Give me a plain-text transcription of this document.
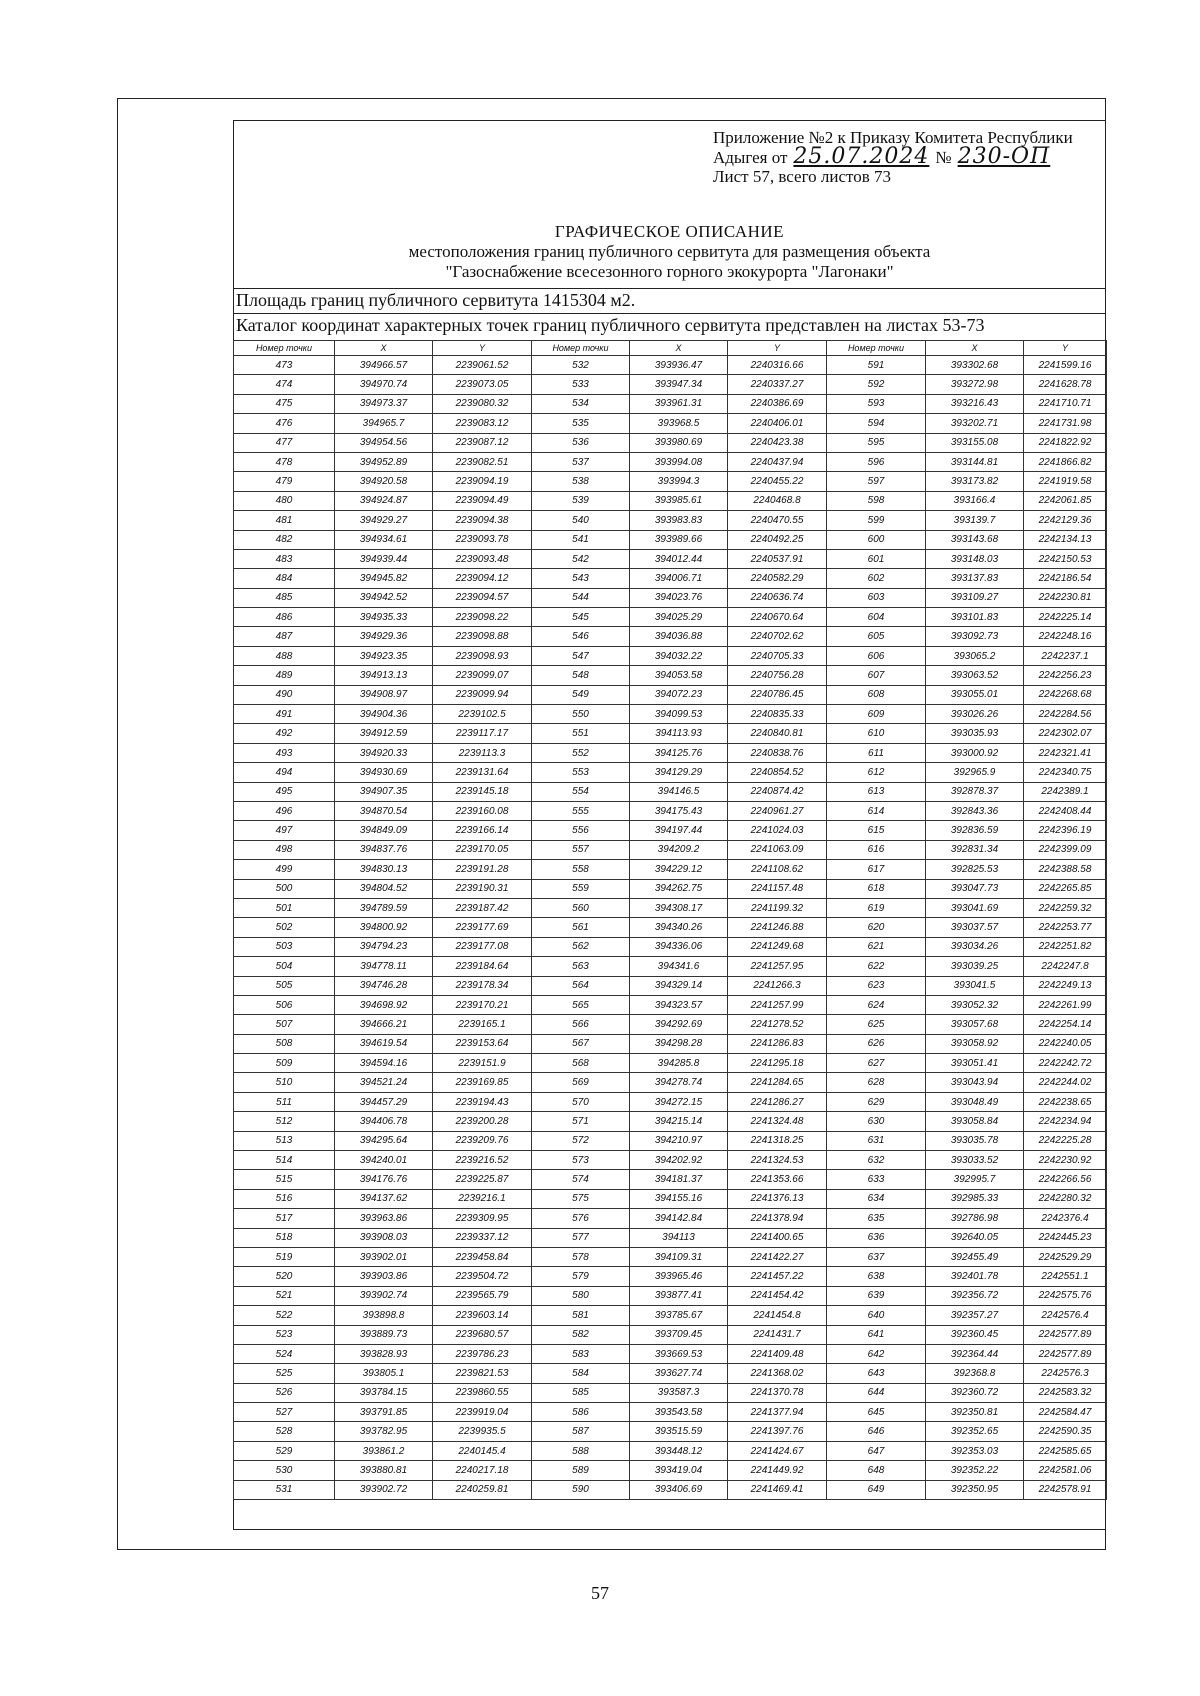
Приложение №2 к Приказу Комитета Республики
Адыгея от 25.07.2024 № 230-ОП
Лист 57, всего листов 73
ГРАФИЧЕСКОЕ ОПИСАНИЕ
местоположения границ публичного сервитута для размещения объекта
"Газоснабжение всесезонного горного экокурорта "Лагонаки"
Площадь границ публичного сервитута 1415304 м2.
Каталог координат характерных точек границ публичного сервитута представлен на листах 53-73
Номер точки	X	Y	Номер точки	X	Y	Номер точки	X	Y
473	394966.57	2239061.52	532	393936.47	2240316.66	591	393302.68	2241599.16
474	394970.74	2239073.05	533	393947.34	2240337.27	592	393272.98	2241628.78
475	394973.37	2239080.32	534	393961.31	2240386.69	593	393216.43	2241710.71
476	394965.7	2239083.12	535	393968.5	2240406.01	594	393202.71	2241731.98
477	394954.56	2239087.12	536	393980.69	2240423.38	595	393155.08	2241822.92
478	394952.89	2239082.51	537	393994.08	2240437.94	596	393144.81	2241866.82
479	394920.58	2239094.19	538	393994.3	2240455.22	597	393173.82	2241919.58
480	394924.87	2239094.49	539	393985.61	2240468.8	598	393166.4	2242061.85
481	394929.27	2239094.38	540	393983.83	2240470.55	599	393139.7	2242129.36
482	394934.61	2239093.78	541	393989.66	2240492.25	600	393143.68	2242134.13
483	394939.44	2239093.48	542	394012.44	2240537.91	601	393148.03	2242150.53
484	394945.82	2239094.12	543	394006.71	2240582.29	602	393137.83	2242186.54
485	394942.52	2239094.57	544	394023.76	2240636.74	603	393109.27	2242230.81
486	394935.33	2239098.22	545	394025.29	2240670.64	604	393101.83	2242225.14
487	394929.36	2239098.88	546	394036.88	2240702.62	605	393092.73	2242248.16
488	394923.35	2239098.93	547	394032.22	2240705.33	606	393065.2	2242237.1
489	394913.13	2239099.07	548	394053.58	2240756.28	607	393063.52	2242256.23
490	394908.97	2239099.94	549	394072.23	2240786.45	608	393055.01	2242268.68
491	394904.36	2239102.5	550	394099.53	2240835.33	609	393026.26	2242284.56
492	394912.59	2239117.17	551	394113.93	2240840.81	610	393035.93	2242302.07
493	394920.33	2239113.3	552	394125.76	2240838.76	611	393000.92	2242321.41
494	394930.69	2239131.64	553	394129.29	2240854.52	612	392965.9	2242340.75
495	394907.35	2239145.18	554	394146.5	2240874.42	613	392878.37	2242389.1
496	394870.54	2239160.08	555	394175.43	2240961.27	614	392843.36	2242408.44
497	394849.09	2239166.14	556	394197.44	2241024.03	615	392836.59	2242396.19
498	394837.76	2239170.05	557	394209.2	2241063.09	616	392831.34	2242399.09
499	394830.13	2239191.28	558	394229.12	2241108.62	617	392825.53	2242388.58
500	394804.52	2239190.31	559	394262.75	2241157.48	618	393047.73	2242265.85
501	394789.59	2239187.42	560	394308.17	2241199.32	619	393041.69	2242259.32
502	394800.92	2239177.69	561	394340.26	2241246.88	620	393037.57	2242253.77
503	394794.23	2239177.08	562	394336.06	2241249.68	621	393034.26	2242251.82
504	394778.11	2239184.64	563	394341.6	2241257.95	622	393039.25	2242247.8
505	394746.28	2239178.34	564	394329.14	2241266.3	623	393041.5	2242249.13
506	394698.92	2239170.21	565	394323.57	2241257.99	624	393052.32	2242261.99
507	394666.21	2239165.1	566	394292.69	2241278.52	625	393057.68	2242254.14
508	394619.54	2239153.64	567	394298.28	2241286.83	626	393058.92	2242240.05
509	394594.16	2239151.9	568	394285.8	2241295.18	627	393051.41	2242242.72
510	394521.24	2239169.85	569	394278.74	2241284.65	628	393043.94	2242244.02
511	394457.29	2239194.43	570	394272.15	2241286.27	629	393048.49	2242238.65
512	394406.78	2239200.28	571	394215.14	2241324.48	630	393058.84	2242234.94
513	394295.64	2239209.76	572	394210.97	2241318.25	631	393035.78	2242225.28
514	394240.01	2239216.52	573	394202.92	2241324.53	632	393033.52	2242230.92
515	394176.76	2239225.87	574	394181.37	2241353.66	633	392995.7	2242266.56
516	394137.62	2239216.1	575	394155.16	2241376.13	634	392985.33	2242280.32
517	393963.86	2239309.95	576	394142.84	2241378.94	635	392786.98	2242376.4
518	393908.03	2239337.12	577	394113	2241400.65	636	392640.05	2242445.23
519	393902.01	2239458.84	578	394109.31	2241422.27	637	392455.49	2242529.29
520	393903.86	2239504.72	579	393965.46	2241457.22	638	392401.78	2242551.1
521	393902.74	2239565.79	580	393877.41	2241454.42	639	392356.72	2242575.76
522	393898.8	2239603.14	581	393785.67	2241454.8	640	392357.27	2242576.4
523	393889.73	2239680.57	582	393709.45	2241431.7	641	392360.45	2242577.89
524	393828.93	2239786.23	583	393669.53	2241409.48	642	392364.44	2242577.89
525	393805.1	2239821.53	584	393627.74	2241368.02	643	392368.8	2242576.3
526	393784.15	2239860.55	585	393587.3	2241370.78	644	392360.72	2242583.32
527	393791.85	2239919.04	586	393543.58	2241377.94	645	392350.81	2242584.47
528	393782.95	2239935.5	587	393515.59	2241397.76	646	392352.65	2242590.35
529	393861.2	2240145.4	588	393448.12	2241424.67	647	392353.03	2242585.65
530	393880.81	2240217.18	589	393419.04	2241449.92	648	392352.22	2242581.06
531	393902.72	2240259.81	590	393406.69	2241469.41	649	392350.95	2242578.91
57
